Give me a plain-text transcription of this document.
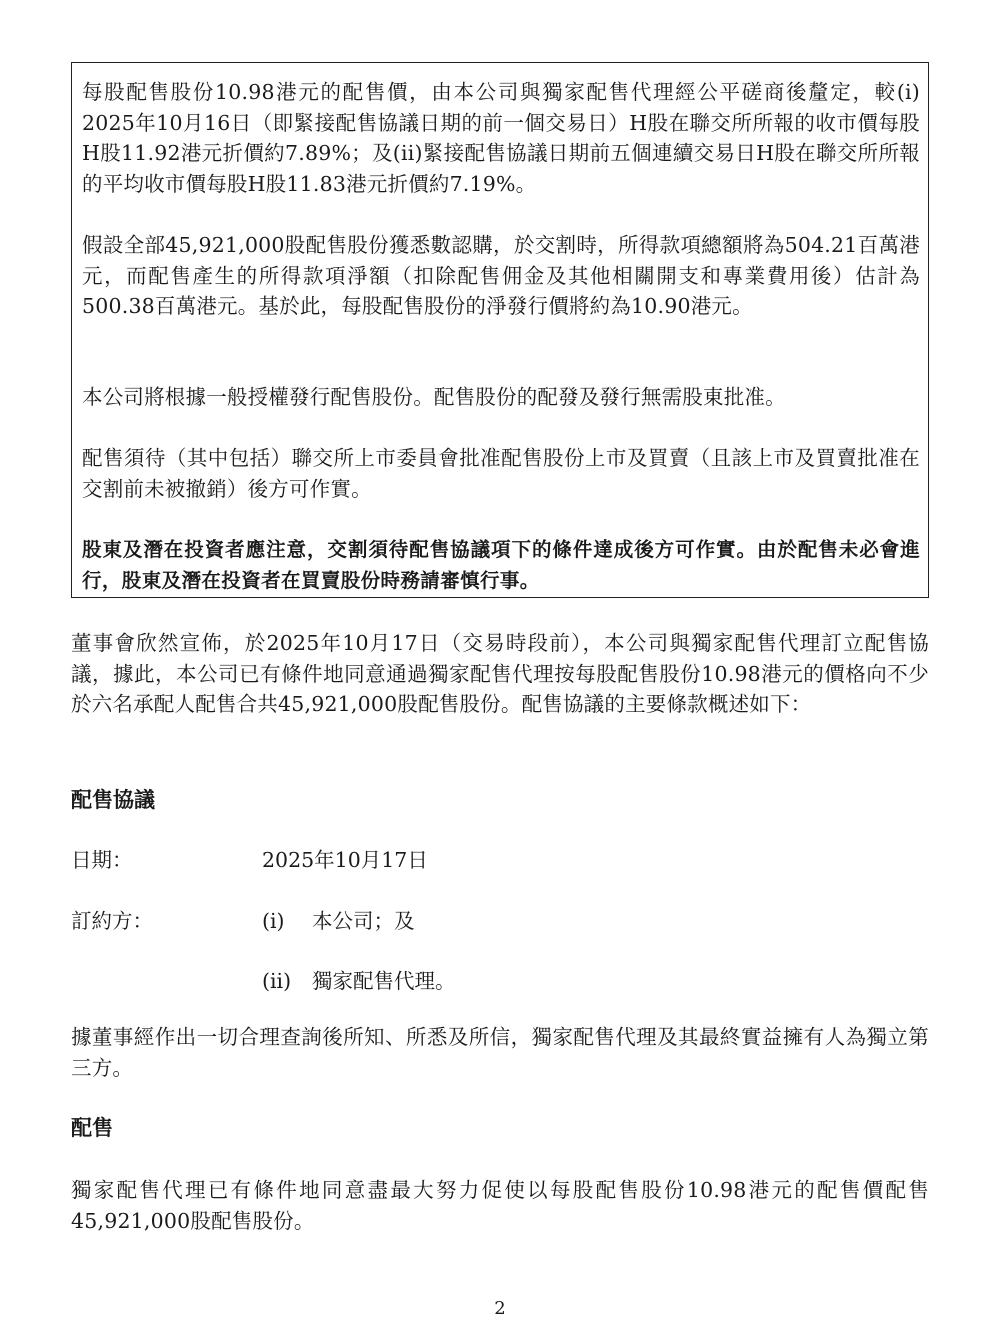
每股配售股份10.98港元的配售價，由本公司與獨家配售代理經公平磋商後釐定，較(i) 2025年10月16日（即緊接配售協議日期的前一個交易日）H股在聯交所所報的收市價每股H股11.92港元折價約7.89%；及(ii)緊接配售協議日期前五個連續交易日H股在聯交所所報的平均收市價每股H股11.83港元折價約7.19%。

假設全部45,921,000股配售股份獲悉數認購，於交割時，所得款項總額將為504.21百萬港元，而配售產生的所得款項淨額（扣除配售佣金及其他相關開支和專業費用後）估計為500.38百萬港元。基於此，每股配售股份的淨發行價將約為10.90港元。

本公司將根據一般授權發行配售股份。配售股份的配發及發行無需股東批准。

配售須待（其中包括）聯交所上市委員會批准配售股份上市及買賣（且該上市及買賣批准在交割前未被撤銷）後方可作實。

股東及潛在投資者應注意，交割須待配售協議項下的條件達成後方可作實。由於配售未必會進行，股東及潛在投資者在買賣股份時務請審慎行事。

董事會欣然宣佈，於2025年10月17日（交易時段前），本公司與獨家配售代理訂立配售協議，據此，本公司已有條件地同意通過獨家配售代理按每股配售股份10.98港元的價格向不少於六名承配人配售合共45,921,000股配售股份。配售協議的主要條款概述如下：

配售協議
日期：	2025年10月17日
訂約方：	(i) 本公司；及
(ii) 獨家配售代理。

據董事經作出一切合理查詢後所知、所悉及所信，獨家配售代理及其最終實益擁有人為獨立第三方。

配售

獨家配售代理已有條件地同意盡最大努力促使以每股配售股份10.98港元的配售價配售45,921,000股配售股份。

2
